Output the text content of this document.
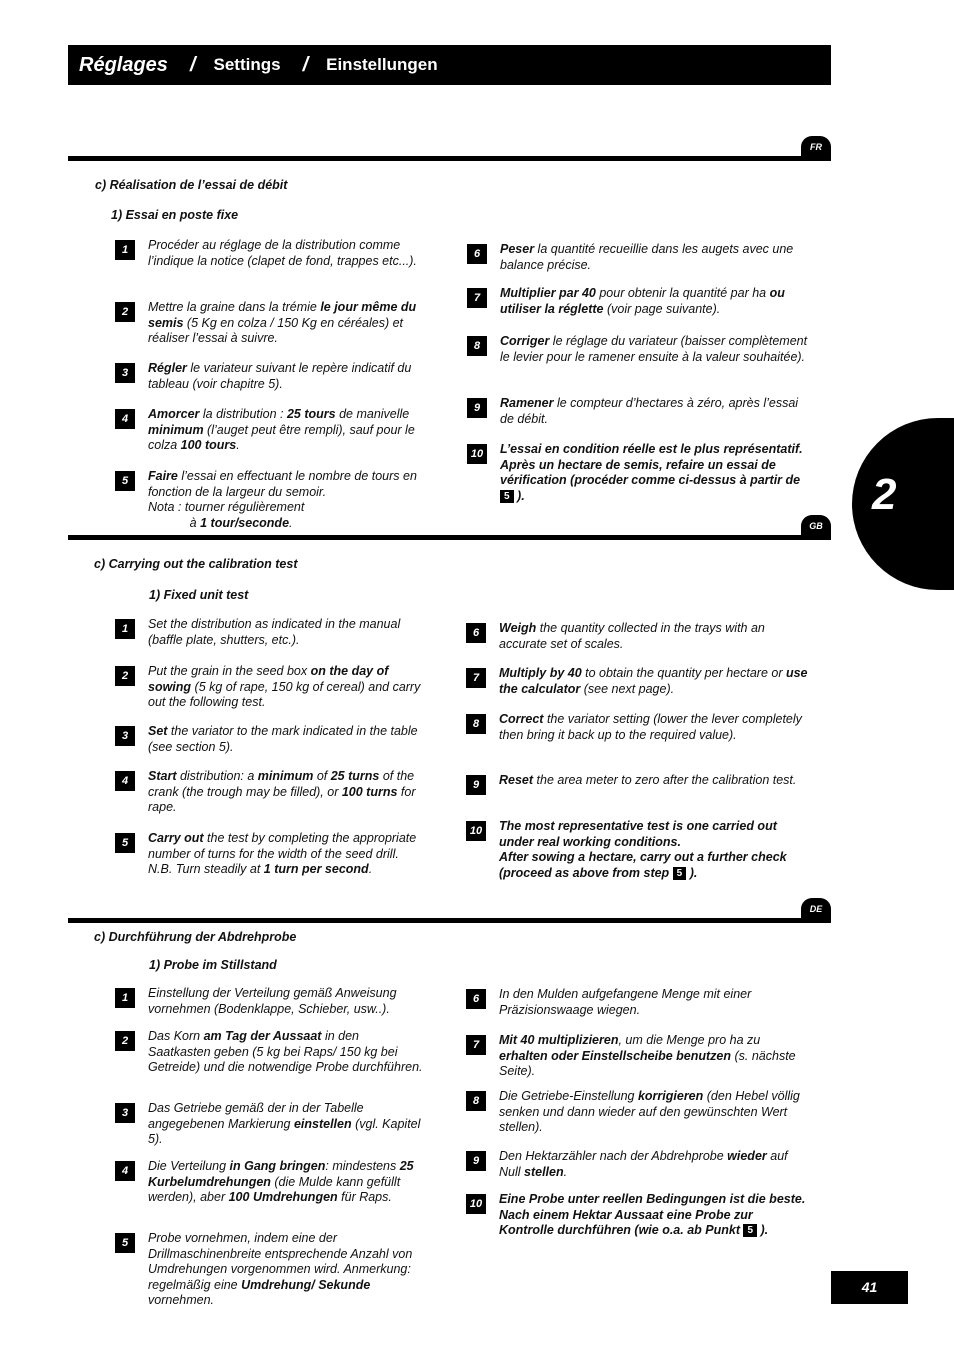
Réglages / Settings / Einstellungen
2
FR
c) Réalisation de l’essai de débit
1) Essai en poste fixe
1	Procéder au réglage de la distribution comme l’indique la notice (clapet de fond, trappes etc...).
2	Mettre la graine dans la trémie le jour même du semis (5 Kg en colza / 150 Kg en céréales) et réaliser l’essai à suivre.
3	Régler le variateur suivant le repère indicatif du tableau (voir chapitre 5).
4	Amorcer la distribution : 25 tours de manivelle minimum (l’auget peut être rempli), sauf pour le colza 100 tours.
5	Faire l’essai en effectuant le nombre de tours en fonction de la largeur du semoir.
Nota : tourner régulièrement
à 1 tour/seconde.
6	Peser la quantité recueillie dans les augets avec une balance précise.
7	Multiplier par 40 pour obtenir la quantité par ha ou utiliser la réglette (voir page suivante).
8	Corriger le réglage du variateur (baisser complètement le levier pour le ramener ensuite à la valeur souhaitée).
9	Ramener le compteur d’hectares à zéro, après l’essai de débit.
10	L’essai en condition réelle est le plus représentatif.
Après un hectare de semis, refaire un essai de vérification (procéder comme ci-dessus à partir de 5 ).
GB
c) Carrying out the calibration test
1) Fixed unit test
1	Set the distribution as indicated in the manual (baffle plate, shutters, etc.).
2	Put the grain in the seed box on the day of sowing (5 kg of rape, 150 kg of cereal) and carry out the following test.
3	Set the variator to the mark indicated in the table (see section 5).
4	Start distribution: a minimum of 25 turns of the crank (the trough may be filled), or 100 turns for rape.
5	Carry out the test by completing the appropriate number of turns for the width of the seed drill.
N.B. Turn steadily at 1 turn per second.
6	Weigh the quantity collected in the trays with an accurate set of scales.
7	Multiply by 40 to obtain the quantity per hectare or use the calculator (see next page).
8	Correct the variator setting (lower the lever completely then bring it back up to the required value).
9	Reset the area meter to zero after the calibration test.
10	The most representative test is one carried out under real working conditions.
After sowing a hectare, carry out a further check (proceed as above from step 5 ).
DE
c) Durchführung der Abdrehprobe
1) Probe im Stillstand
1	Einstellung der Verteilung gemäß Anweisung vornehmen (Bodenklappe, Schieber, usw..).
2	Das Korn am Tag der Aussaat in den Saatkasten geben (5 kg bei Raps/ 150 kg bei Getreide) und die notwendige Probe durchführen.
3	Das Getriebe gemäß der in der Tabelle angegebenen Markierung einstellen (vgl. Kapitel 5).
4	Die Verteilung in Gang bringen: mindestens 25 Kurbelumdrehungen (die Mulde kann gefüllt werden), aber 100 Umdrehungen für Raps.
5	Probe vornehmen, indem eine der Drillmaschinenbreite entsprechende Anzahl von Umdrehungen vorgenommen wird. Anmerkung: regelmäßig eine Umdrehung/ Sekunde vornehmen.
6	In den Mulden aufgefangene Menge mit einer Präzisionswaage wiegen.
7	Mit 40 multiplizieren, um die Menge pro ha zu erhalten oder Einstellscheibe benutzen (s. nächste Seite).
8	Die Getriebe-Einstellung korrigieren (den Hebel völlig senken und dann wieder auf den gewünschten Wert stellen).
9	Den Hektarzähler nach der Abdrehprobe wieder auf Null stellen.
10	Eine Probe unter reellen Bedingungen ist die beste. Nach einem Hektar Aussaat eine Probe zur Kontrolle durchführen (wie o.a. ab Punkt 5 ).
41
